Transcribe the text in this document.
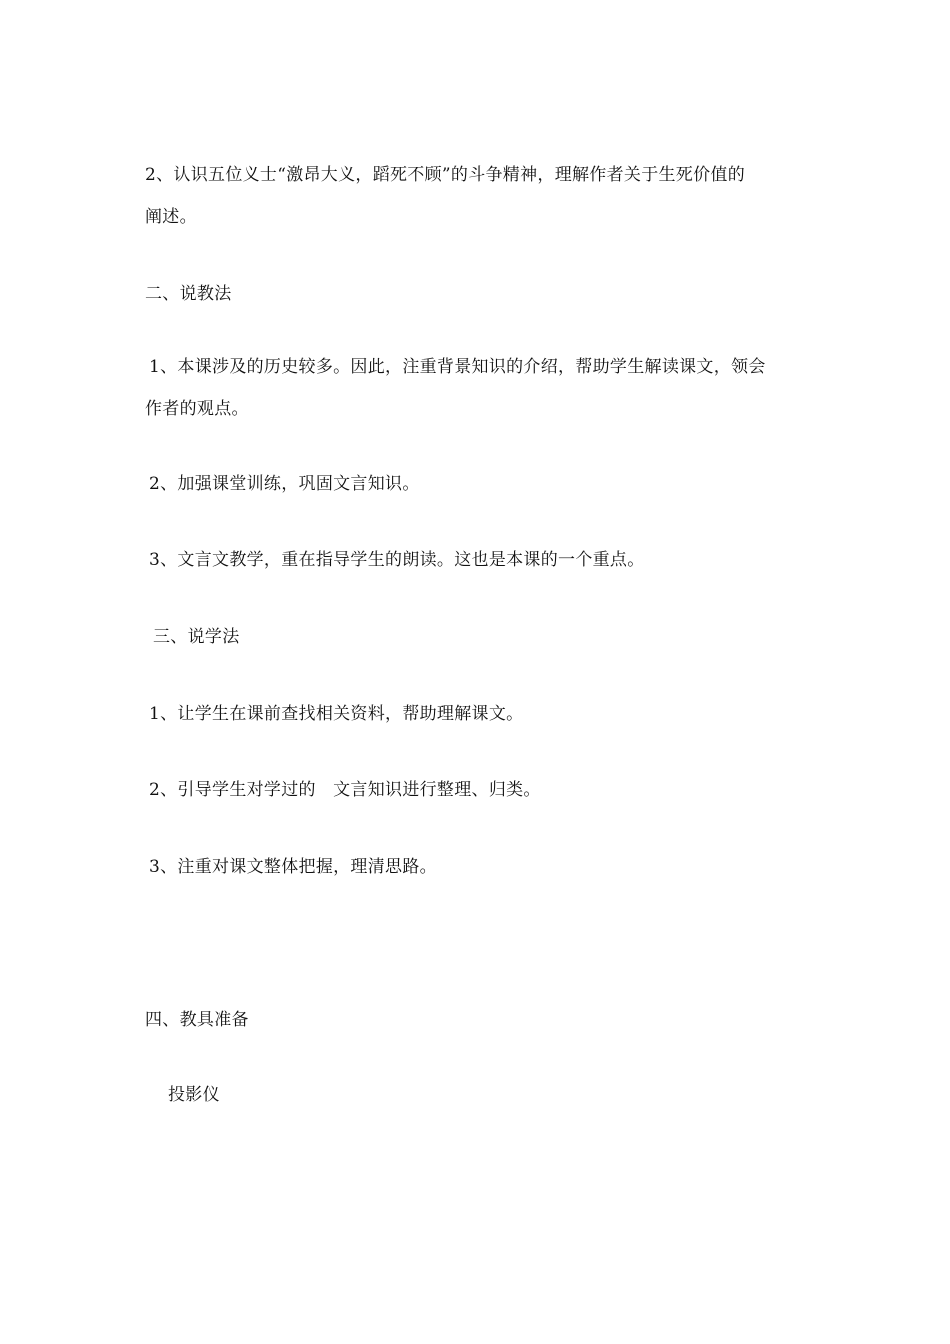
2、认识五位义士“激昂大义，蹈死不顾”的斗争精神，理解作者关于生死价值的
阐述。
二、说教法
1、本课涉及的历史较多。因此，注重背景知识的介绍，帮助学生解读课文，领会
作者的观点。
2、加强课堂训练，巩固文言知识。
3、文言文教学，重在指导学生的朗读。这也是本课的一个重点。
三、说学法
1、让学生在课前查找相关资料，帮助理解课文。
2、引导学生对学过的　文言知识进行整理、归类。
3、注重对课文整体把握，理清思路。
四、教具准备
投影仪
